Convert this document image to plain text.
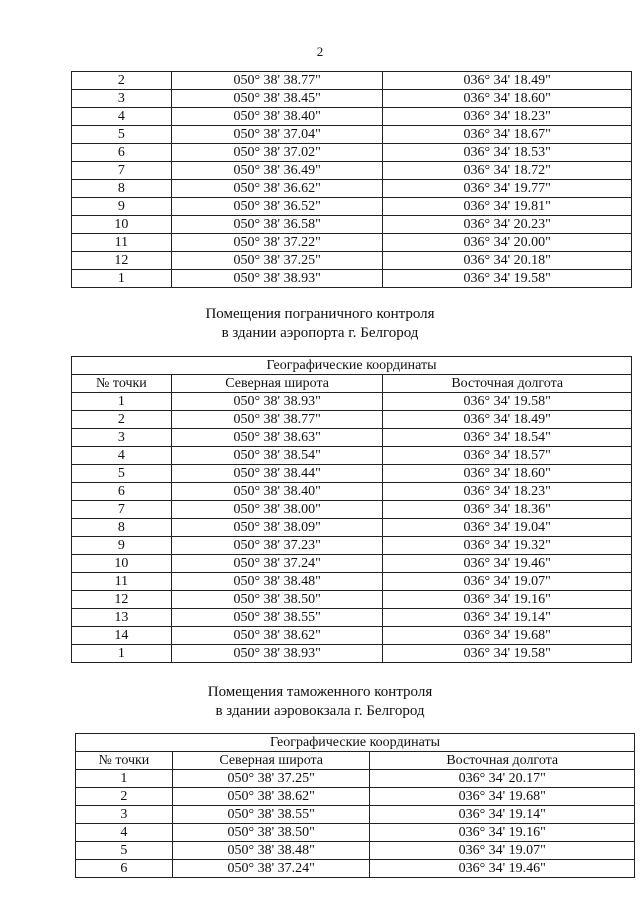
2
2	050° 38' 38.77"	036° 34' 18.49"
3	050° 38' 38.45"	036° 34' 18.60"
4	050° 38' 38.40"	036° 34' 18.23"
5	050° 38' 37.04"	036° 34' 18.67"
6	050° 38' 37.02"	036° 34' 18.53"
7	050° 38' 36.49"	036° 34' 18.72"
8	050° 38' 36.62"	036° 34' 19.77"
9	050° 38' 36.52"	036° 34' 19.81"
10	050° 38' 36.58"	036° 34' 20.23"
11	050° 38' 37.22"	036° 34' 20.00"
12	050° 38' 37.25"	036° 34' 20.18"
1	050° 38' 38.93"	036° 34' 19.58"
Помещения пограничного контроля
в здании аэропорта г. Белгород
Географические координаты		
№ точки	Северная широта	Восточная долгота
1	050° 38' 38.93"	036° 34' 19.58"
2	050° 38' 38.77"	036° 34' 18.49"
3	050° 38' 38.63"	036° 34' 18.54"
4	050° 38' 38.54"	036° 34' 18.57"
5	050° 38' 38.44"	036° 34' 18.60"
6	050° 38' 38.40"	036° 34' 18.23"
7	050° 38' 38.00"	036° 34' 18.36"
8	050° 38' 38.09"	036° 34' 19.04"
9	050° 38' 37.23"	036° 34' 19.32"
10	050° 38' 37.24"	036° 34' 19.46"
11	050° 38' 38.48"	036° 34' 19.07"
12	050° 38' 38.50"	036° 34' 19.16"
13	050° 38' 38.55"	036° 34' 19.14"
14	050° 38' 38.62"	036° 34' 19.68"
1	050° 38' 38.93"	036° 34' 19.58"
Помещения таможенного контроля
в здании аэровокзала г. Белгород
Географические координаты		
№ точки	Северная широта	Восточная долгота
1	050° 38' 37.25"	036° 34' 20.17"
2	050° 38' 38.62"	036° 34' 19.68"
3	050° 38' 38.55"	036° 34' 19.14"
4	050° 38' 38.50"	036° 34' 19.16"
5	050° 38' 38.48"	036° 34' 19.07"
6	050° 38' 37.24"	036° 34' 19.46"
